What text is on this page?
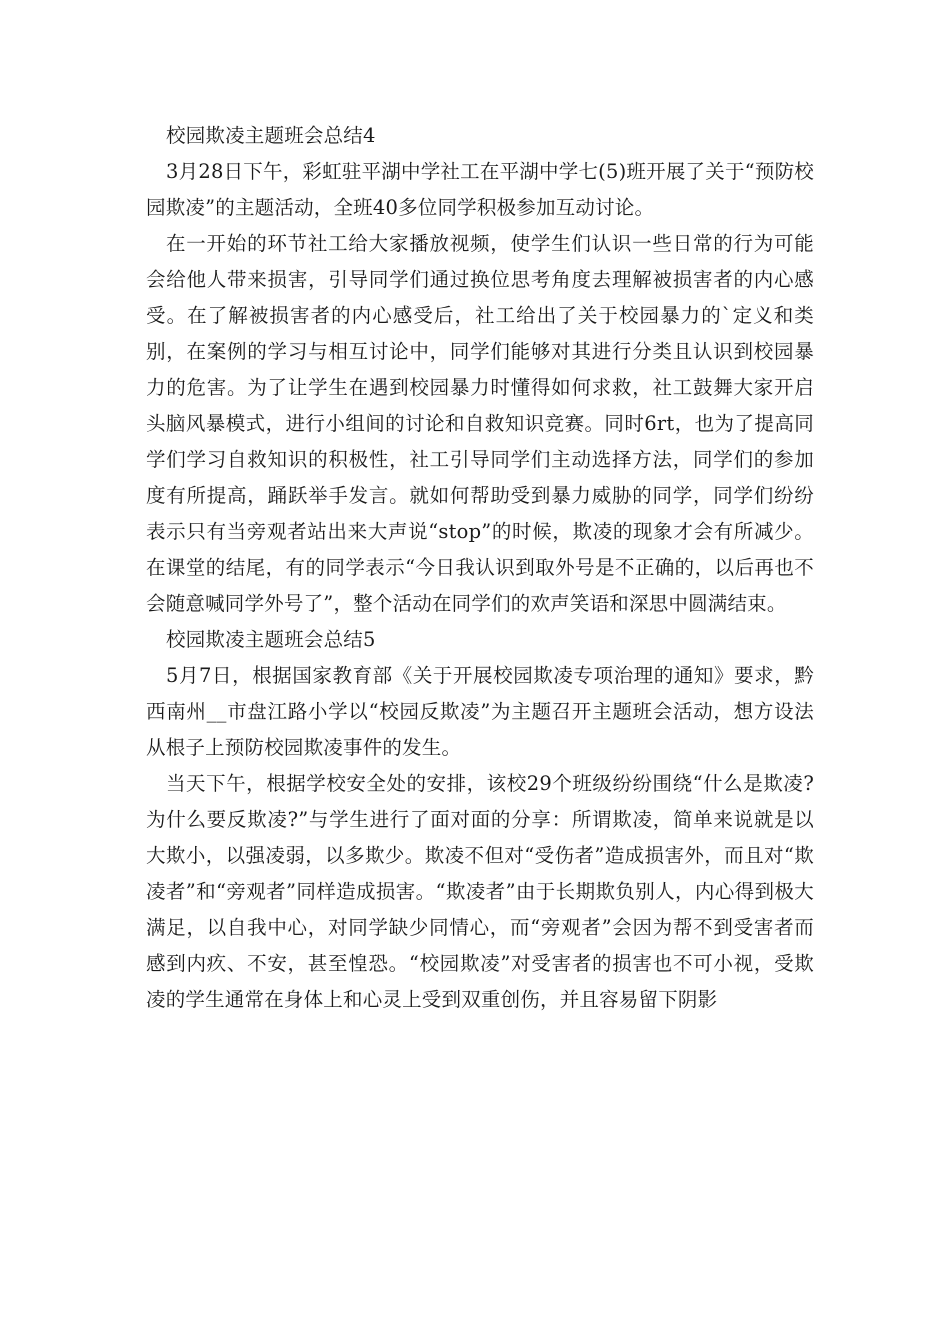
校园欺凌主题班会总结4

3月28日下午，彩虹驻平湖中学社工在平湖中学七(5)班开展了关于“预防校园欺凌”的主题活动，全班40多位同学积极参加互动讨论。

在一开始的环节社工给大家播放视频，使学生们认识一些日常的行为可能会给他人带来损害，引导同学们通过换位思考角度去理解被损害者的内心感受。在了解被损害者的内心感受后，社工给出了关于校园暴力的`定义和类别，在案例的学习与相互讨论中，同学们能够对其进行分类且认识到校园暴力的危害。为了让学生在遇到校园暴力时懂得如何求救，社工鼓舞大家开启头脑风暴模式，进行小组间的讨论和自救知识竞赛。同时6rt，也为了提高同学们学习自救知识的积极性，社工引导同学们主动选择方法，同学们的参加度有所提高，踊跃举手发言。就如何帮助受到暴力威胁的同学，同学们纷纷表示只有当旁观者站出来大声说“stop”的时候，欺凌的现象才会有所减少。在课堂的结尾，有的同学表示“今日我认识到取外号是不正确的，以后再也不会随意喊同学外号了”，整个活动在同学们的欢声笑语和深思中圆满结束。

校园欺凌主题班会总结5

5月7日，根据国家教育部《关于开展校园欺凌专项治理的通知》要求，黔西南州__市盘江路小学以“校园反欺凌”为主题召开主题班会活动，想方设法从根子上预防校园欺凌事件的发生。

当天下午，根据学校安全处的安排，该校29个班级纷纷围绕“什么是欺凌?为什么要反欺凌?”与学生进行了面对面的分享：所谓欺凌，简单来说就是以大欺小，以强凌弱，以多欺少。欺凌不但对“受伤者”造成损害外，而且对“欺凌者”和“旁观者”同样造成损害。“欺凌者”由于长期欺负别人，内心得到极大满足，以自我中心，对同学缺少同情心，而“旁观者”会因为帮不到受害者而感到内疚、不安，甚至惶恐。“校园欺凌”对受害者的损害也不可小视，受欺凌的学生通常在身体上和心灵上受到双重创伤，并且容易留下阴影
